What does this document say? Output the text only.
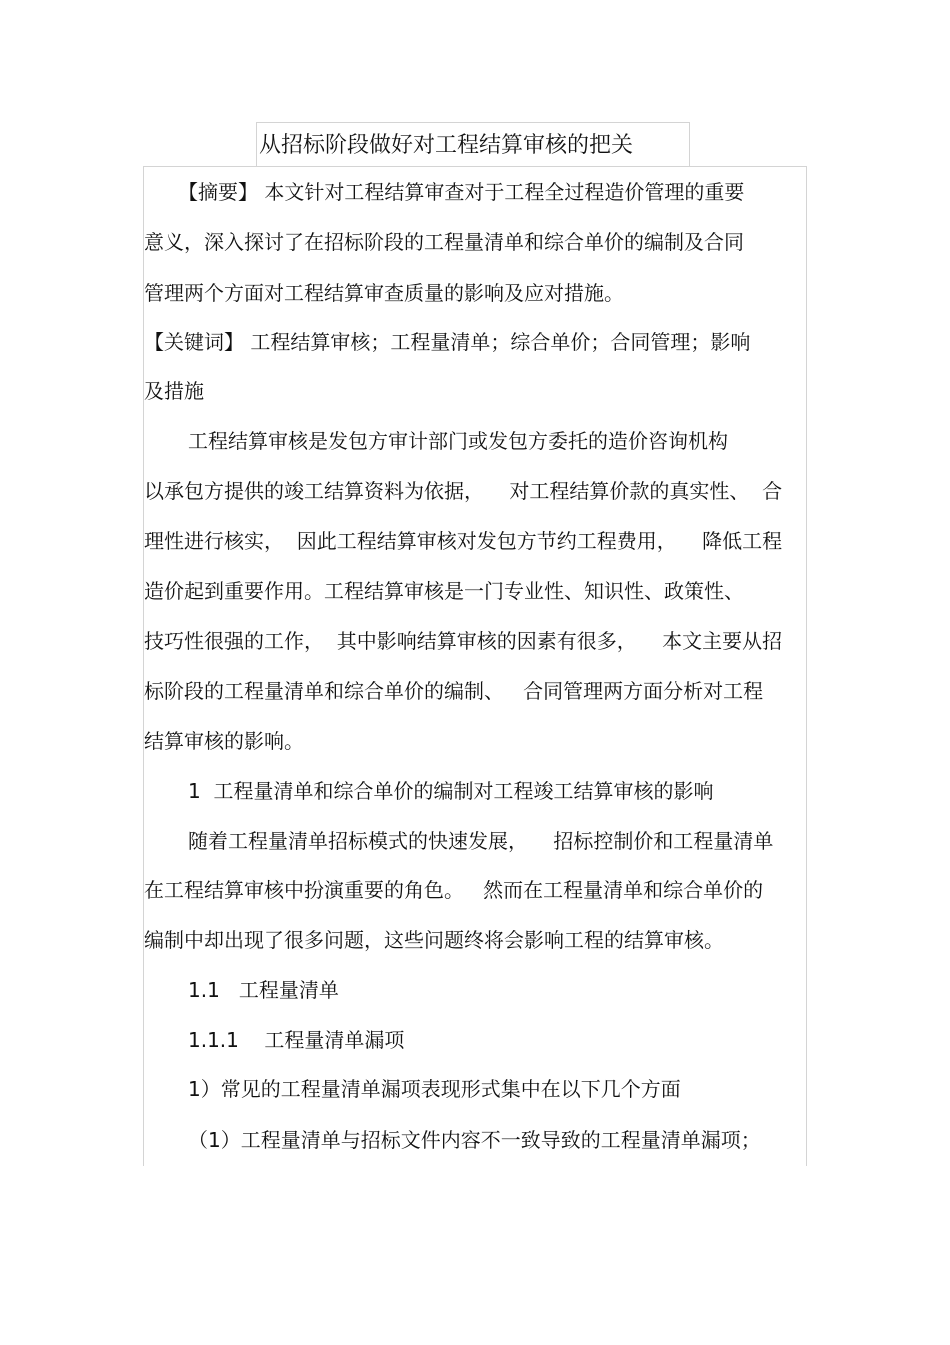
从招标阶段做好对工程结算审核的把关
【摘要】 本文针对工程结算审查对于工程全过程造价管理的重要
意义，深入探讨了在招标阶段的工程量清单和综合单价的编制及合同
管理两个方面对工程结算审查质量的影响及应对措施。
【关键词】 工程结算审核；工程量清单；综合单价；合同管理；影响
及措施
工程结算审核是发包方审计部门或发包方委托的造价咨询机构
以承包方提供的竣工结算资料为依据，    对工程结算价款的真实性、  合
理性进行核实，  因此工程结算审核对发包方节约工程费用，    降低工程
造价起到重要作用。工程结算审核是一门专业性、知识性、政策性、
技巧性很强的工作，  其中影响结算审核的因素有很多，    本文主要从招
标阶段的工程量清单和综合单价的编制、   合同管理两方面分析对工程
结算审核的影响。
1  工程量清单和综合单价的编制对工程竣工结算审核的影响
随着工程量清单招标模式的快速发展，    招标控制价和工程量清单
在工程结算审核中扮演重要的角色。   然而在工程量清单和综合单价的
编制中却出现了很多问题，这些问题终将会影响工程的结算审核。
1.1   工程量清单
1.1.1    工程量清单漏项
1）常见的工程量清单漏项表现形式集中在以下几个方面
（1）工程量清单与招标文件内容不一致导致的工程量清单漏项；
